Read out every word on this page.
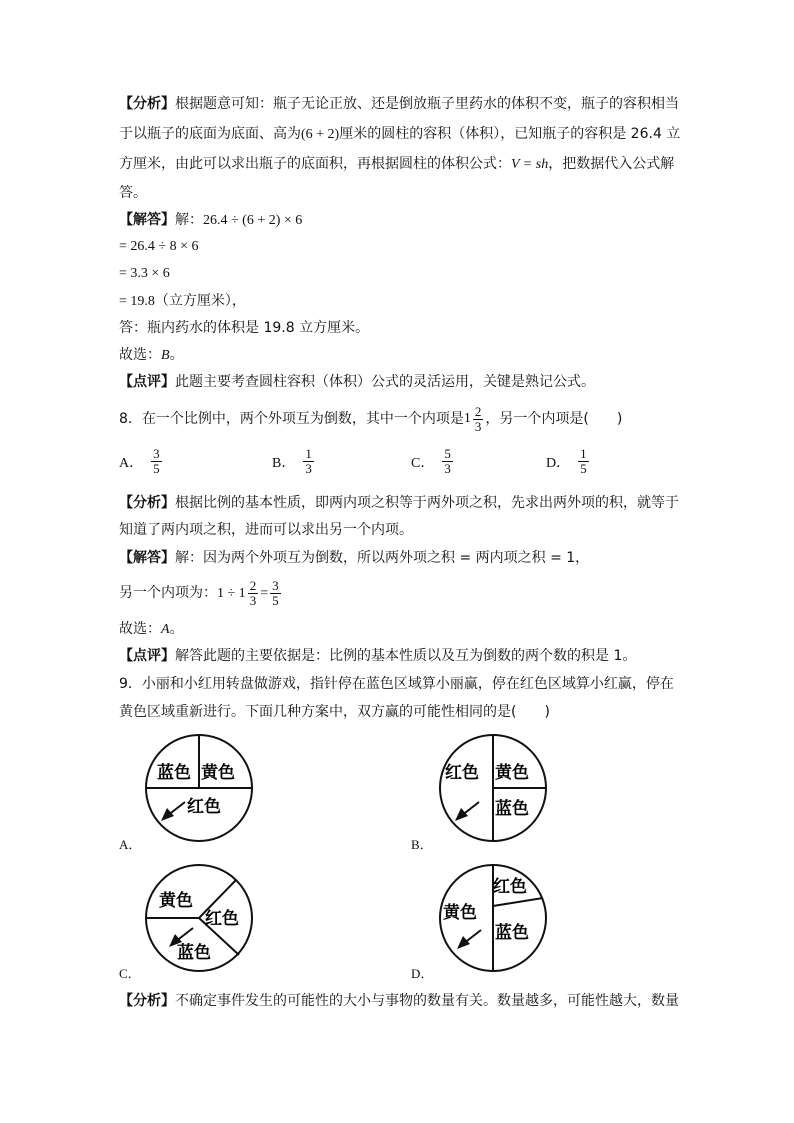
【分析】根据题意可知：瓶子无论正放、还是倒放瓶子里药水的体积不变，瓶子的容积相当
于以瓶子的底面为底面、高为(6 + 2)厘米的圆柱的容积（体积），已知瓶子的容积是 26.4 立
方厘米，由此可以求出瓶子的底面积，再根据圆柱的体积公式：V = sh，把数据代入公式解
答。
【解答】解：26.4 ÷ (6 + 2) × 6
= 26.4 ÷ 8 × 6
= 3.3 × 6
= 19.8（立方厘米），
答：瓶内药水的体积是 19.8 立方厘米。
故选：B。
【点评】此题主要考查圆柱容积（体积）公式的灵活运用，关键是熟记公式。
8．在一个比例中，两个外项互为倒数，其中一个内项是$1 \frac{2}{3}$ ，另一个内项是(　　)
A． $\frac{3}{5}$	B． $\frac{1}{3}$	C． $\frac{5}{3}$	D． $\frac{1}{5}$
【分析】根据比例的基本性质，即两内项之积等于两外项之积，先求出两外项的积，就等于
知道了两内项之积，进而可以求出另一个内项。
【解答】解：因为两个外项互为倒数，所以两外项之积 = 两内项之积 = 1，
另一个内项为：$1 \div 1 \frac{2}{3} = \frac{3}{5}$
故选：A。
【点评】解答此题的主要依据是：比例的基本性质以及互为倒数的两个数的积是 1。
9．小丽和小红用转盘做游戏，指针停在蓝色区域算小丽赢，停在红色区域算小红赢，停在
黄色区域重新进行。下面几种方案中，双方赢的可能性相同的是(　　)
蓝色 黄色
红色
A．
红色 黄色
蓝色
B．
黄色
红色
蓝色
C．
黄色
红色
蓝色
D．
【分析】不确定事件发生的可能性的大小与事物的数量有关。数量越多，可能性越大，数量
